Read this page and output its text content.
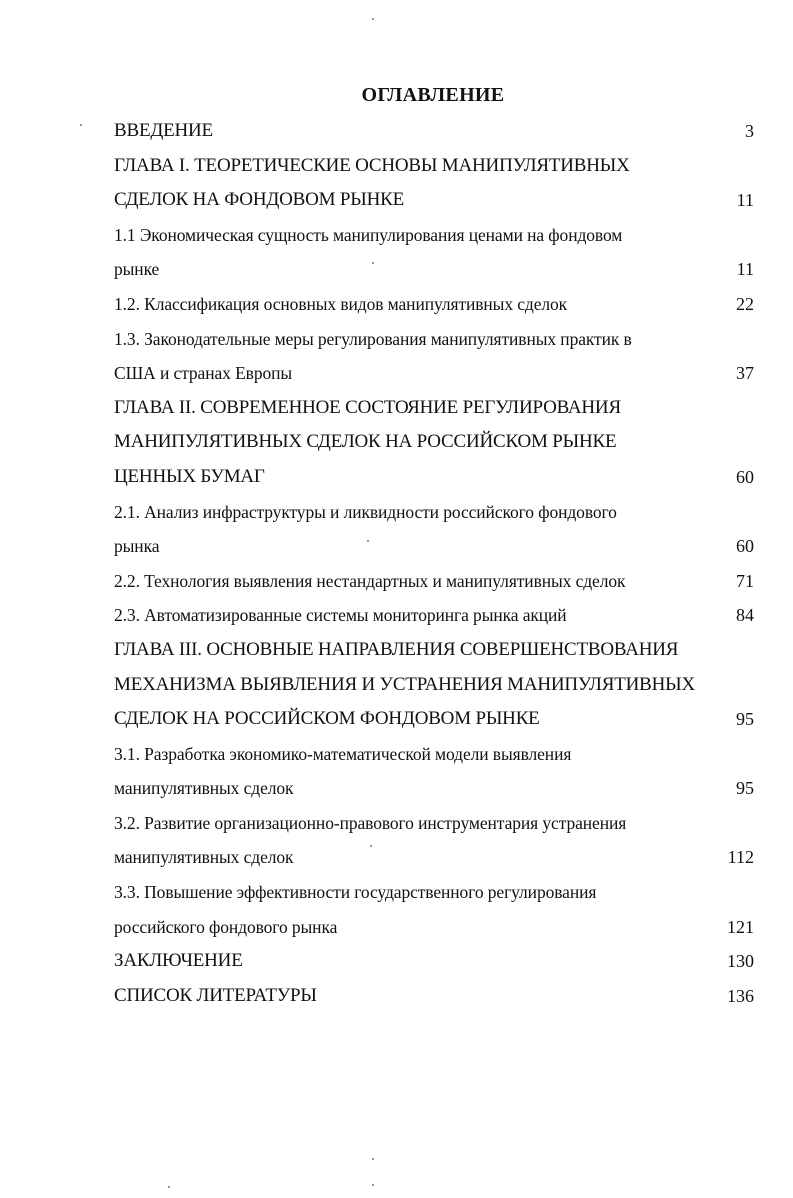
ОГЛАВЛЕНИЕ
ВВЕДЕНИЕ	3
ГЛАВА I. ТЕОРЕТИЧЕСКИЕ ОСНОВЫ МАНИПУЛЯТИВНЫХ
СДЕЛОК НА ФОНДОВОМ РЫНКЕ	11
1.1 Экономическая сущность манипулирования ценами на фондовом
рынке	11
1.2. Классификация основных видов манипулятивных сделок	22
1.3. Законодательные меры регулирования манипулятивных практик в
США и странах Европы	37
ГЛАВА II. СОВРЕМЕННОЕ СОСТОЯНИЕ РЕГУЛИРОВАНИЯ
МАНИПУЛЯТИВНЫХ СДЕЛОК НА РОССИЙСКОМ РЫНКЕ
ЦЕННЫХ БУМАГ	60
2.1. Анализ инфраструктуры и ликвидности российского фондового
рынка	60
2.2. Технология выявления нестандартных и манипулятивных сделок	71
2.3. Автоматизированные системы мониторинга рынка акций	84
ГЛАВА III. ОСНОВНЫЕ НАПРАВЛЕНИЯ СОВЕРШЕНСТВОВАНИЯ
МЕХАНИЗМА ВЫЯВЛЕНИЯ И УСТРАНЕНИЯ МАНИПУЛЯТИВНЫХ
СДЕЛОК НА РОССИЙСКОМ ФОНДОВОМ РЫНКЕ	95
3.1. Разработка экономико-математической модели выявления
манипулятивных сделок	95
3.2. Развитие организационно-правового инструментария устранения
манипулятивных сделок	112
3.3. Повышение эффективности государственного регулирования
российского фондового рынка	121
ЗАКЛЮЧЕНИЕ	130
СПИСОК ЛИТЕРАТУРЫ	136
